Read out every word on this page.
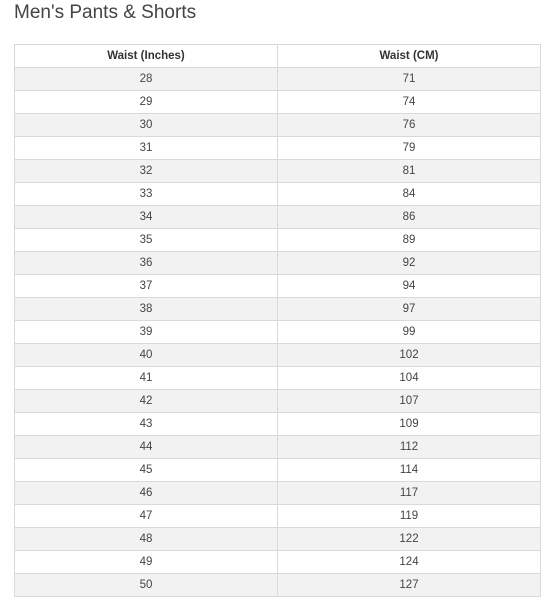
Men's Pants & Shorts
Waist (Inches)	Waist (CM)
28	71
29	74
30	76
31	79
32	81
33	84
34	86
35	89
36	92
37	94
38	97
39	99
40	102
41	104
42	107
43	109
44	112
45	114
46	117
47	119
48	122
49	124
50	127
